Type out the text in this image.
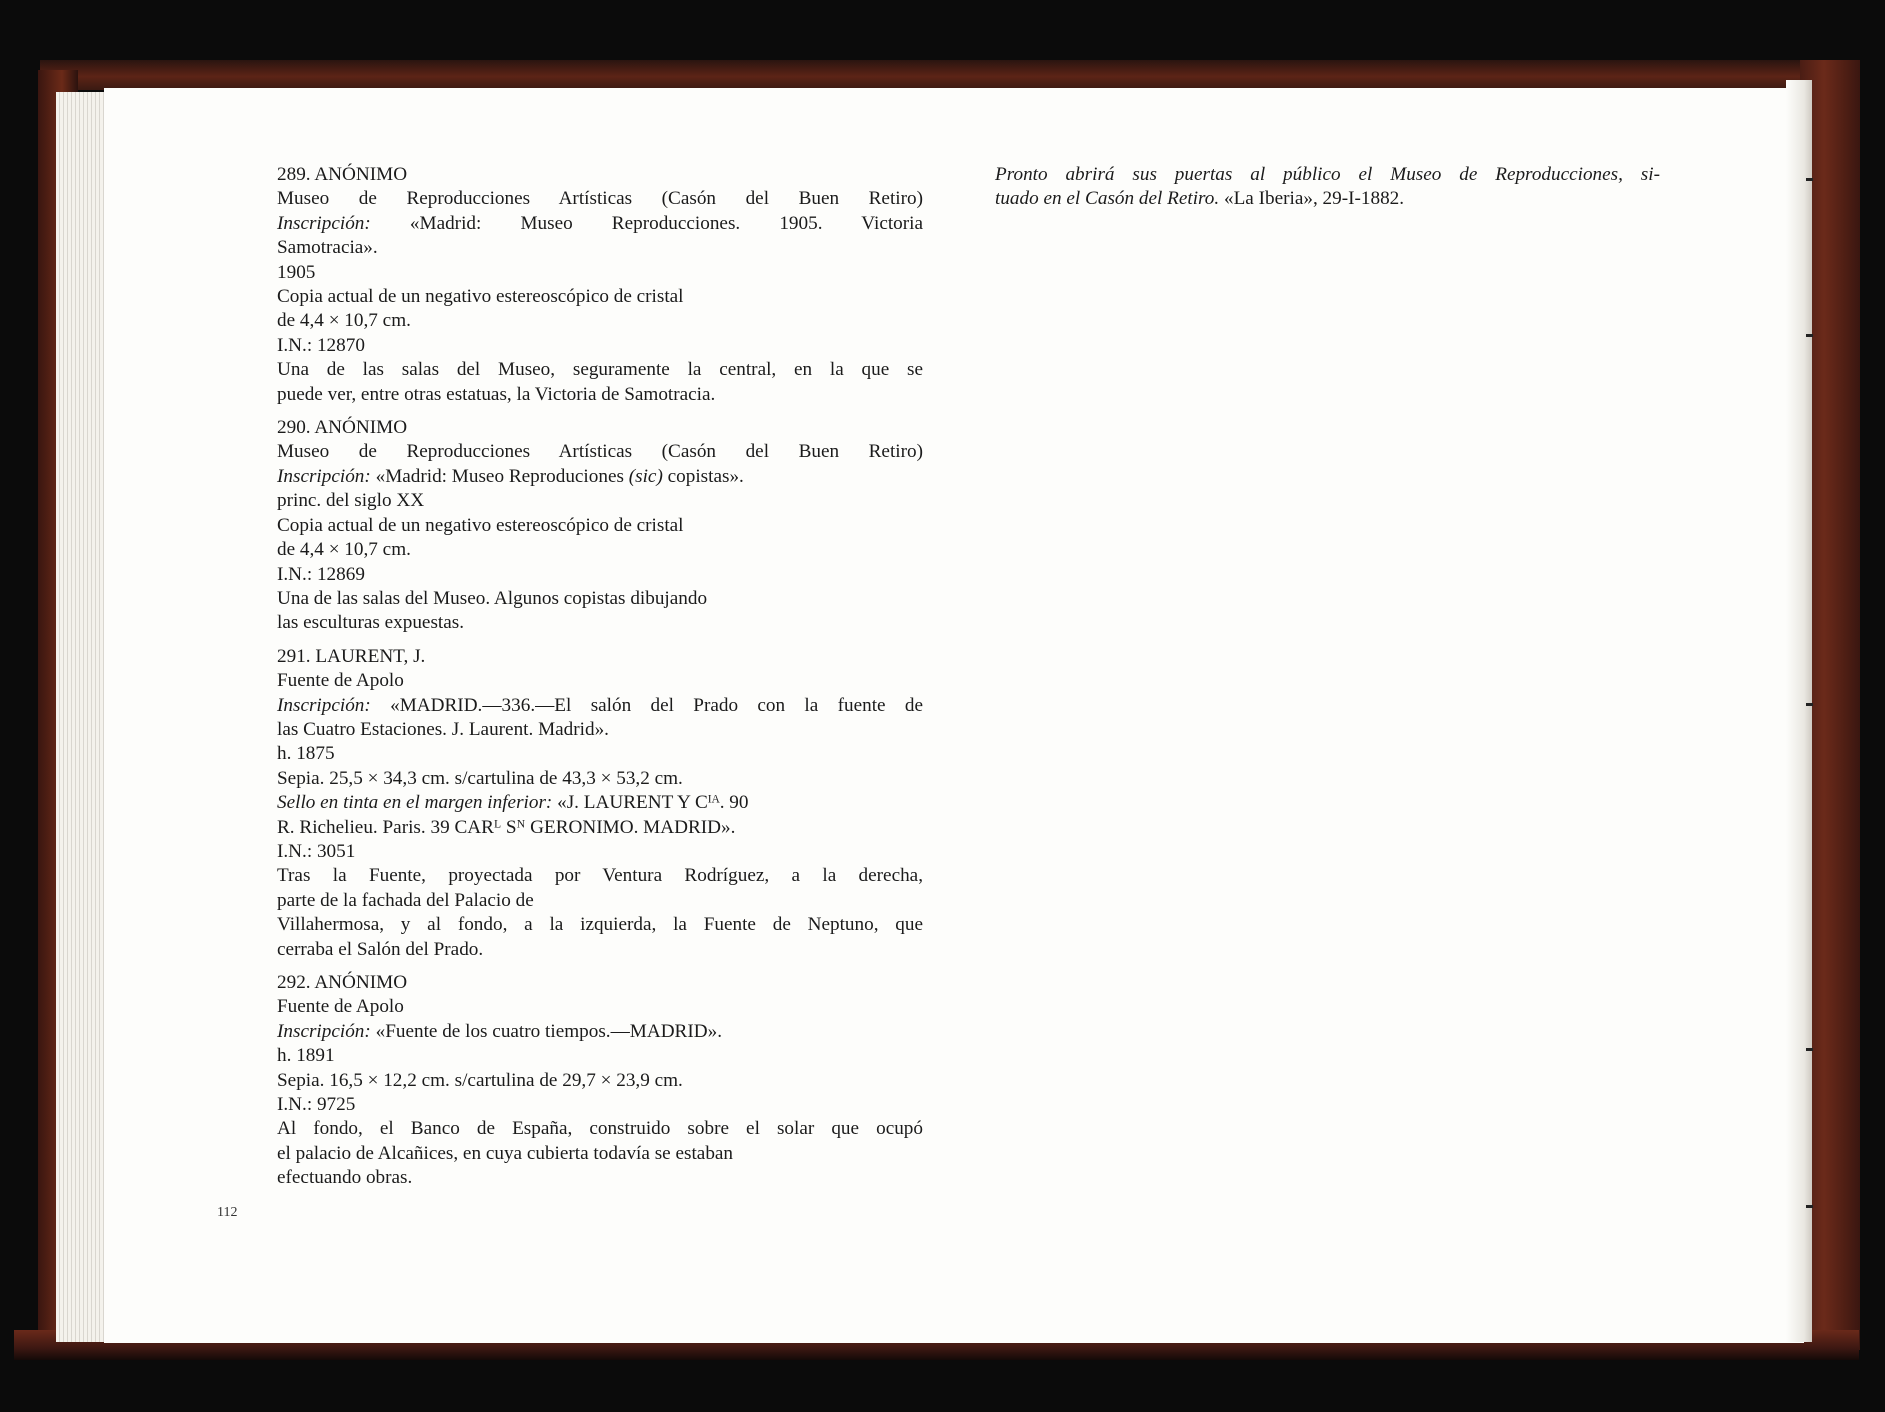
289. ANÓNIMO
Museo de Reproducciones Artísticas (Casón del Buen Retiro)
Inscripción: «Madrid: Museo Reproducciones. 1905. Victoria
Samotracia».
1905
Copia actual de un negativo estereoscópico de cristal
de 4,4 × 10,7 cm.
I.N.: 12870
Una de las salas del Museo, seguramente la central, en la que se
puede ver, entre otras estatuas, la Victoria de Samotracia.
290. ANÓNIMO
Museo de Reproducciones Artísticas (Casón del Buen Retiro)
Inscripción: «Madrid: Museo Reproduciones (sic) copistas».
princ. del siglo XX
Copia actual de un negativo estereoscópico de cristal
de 4,4 × 10,7 cm.
I.N.: 12869
Una de las salas del Museo. Algunos copistas dibujando
las esculturas expuestas.
291. LAURENT, J.
Fuente de Apolo
Inscripción: «MADRID.—336.—El salón del Prado con la fuente de
las Cuatro Estaciones. J. Laurent. Madrid».
h. 1875
Sepia. 25,5 × 34,3 cm. s/cartulina de 43,3 × 53,2 cm.
Sello en tinta en el margen inferior: «J. LAURENT Y Cᴵᴬ. 90
R. Richelieu. Paris. 39 CARᴸ Sᴺ GERONIMO. MADRID».
I.N.: 3051
Tras la Fuente, proyectada por Ventura Rodríguez, a la derecha,
parte de la fachada del Palacio de
Villahermosa, y al fondo, a la izquierda, la Fuente de Neptuno, que
cerraba el Salón del Prado.
292. ANÓNIMO
Fuente de Apolo
Inscripción: «Fuente de los cuatro tiempos.—MADRID».
h. 1891
Sepia. 16,5 × 12,2 cm. s/cartulina de 29,7 × 23,9 cm.
I.N.: 9725
Al fondo, el Banco de España, construido sobre el solar que ocupó
el palacio de Alcañices, en cuya cubierta todavía se estaban
efectuando obras.
Pronto abrirá sus puertas al público el Museo de Reproducciones, si-
tuado en el Casón del Retiro. «La Iberia», 29-I-1882.
112
